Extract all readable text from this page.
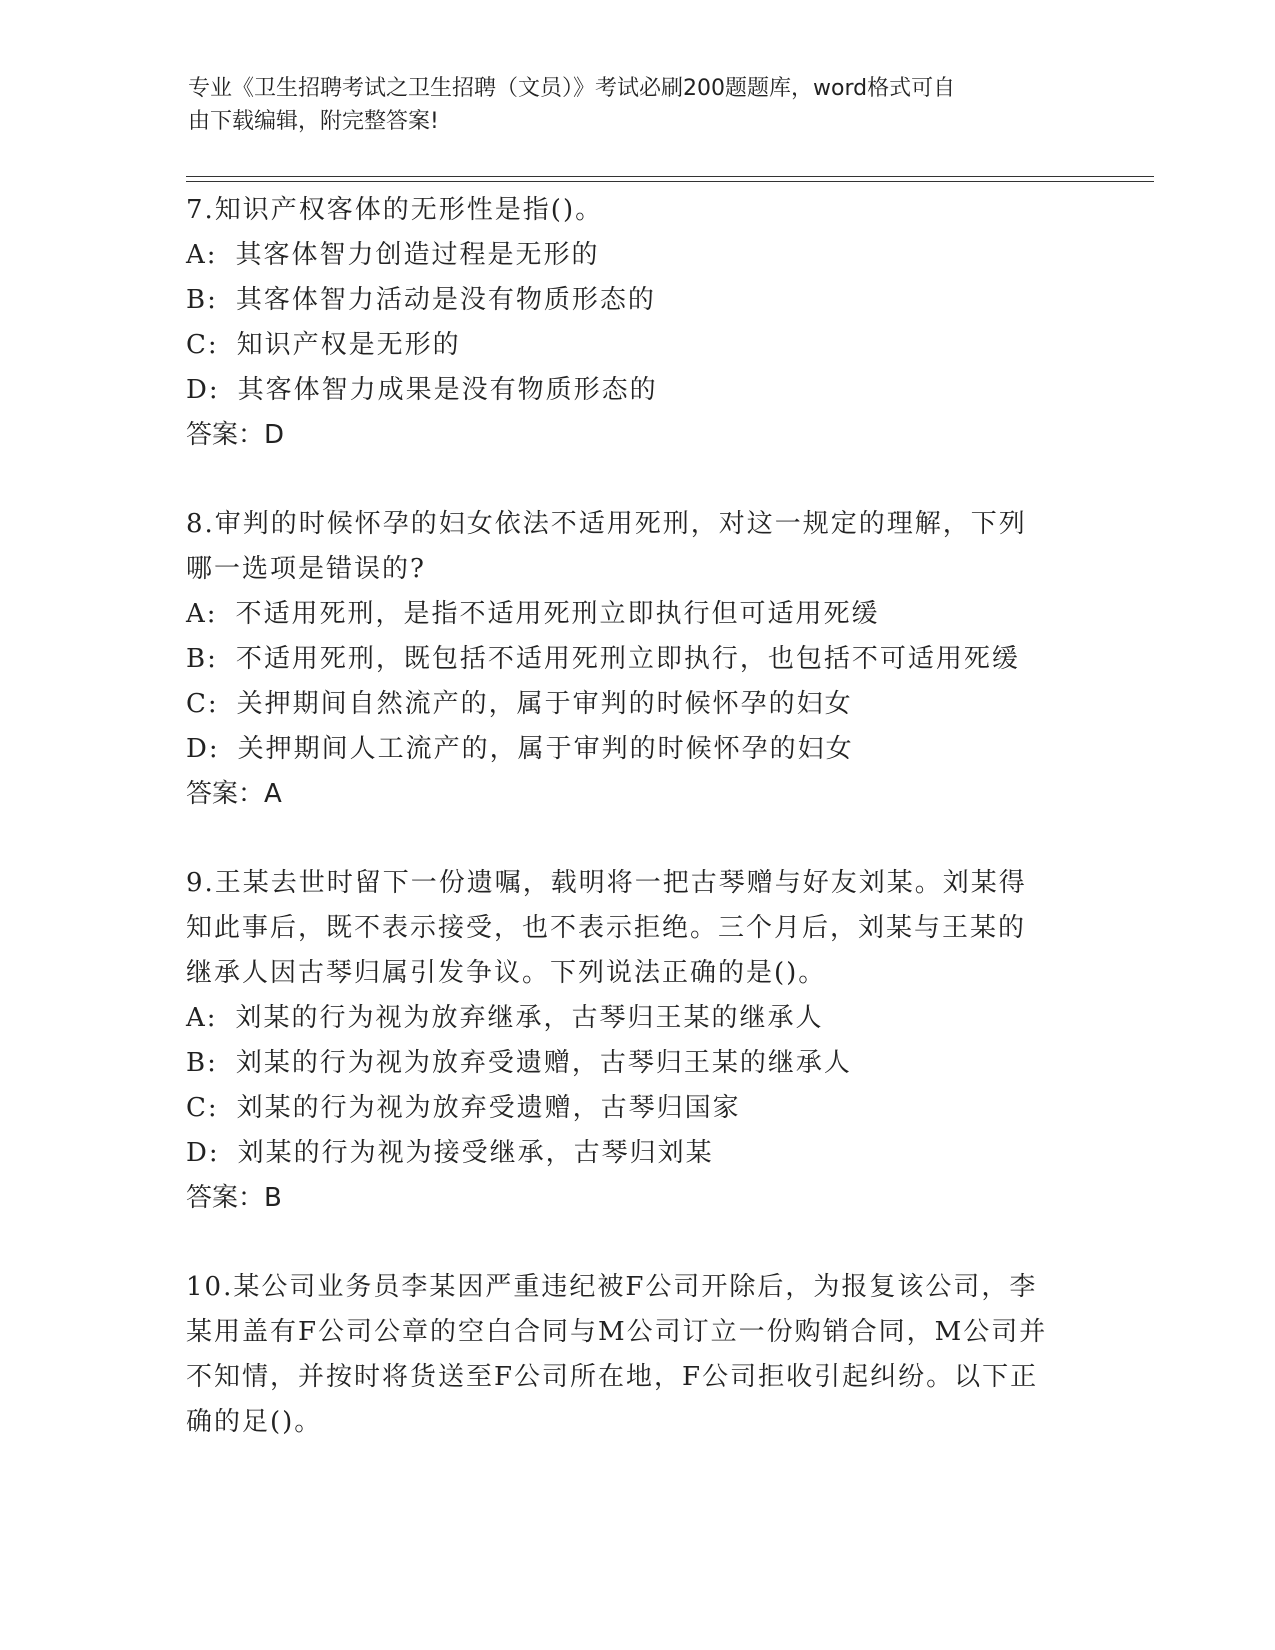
专业《卫生招聘考试之卫生招聘（文员）》考试必刷200题题库，word格式可自
由下载编辑，附完整答案!

7.知识产权客体的无形性是指()。

A: 其客体智力创造过程是无形的

B: 其客体智力活动是没有物质形态的

C: 知识产权是无形的

D: 其客体智力成果是没有物质形态的

答案：D

8.审判的时候怀孕的妇女依法不适用死刑，对这一规定的理解，下列

哪一选项是错误的?

A: 不适用死刑，是指不适用死刑立即执行但可适用死缓

B: 不适用死刑，既包括不适用死刑立即执行，也包括不可适用死缓

C: 关押期间自然流产的，属于审判的时候怀孕的妇女

D: 关押期间人工流产的，属于审判的时候怀孕的妇女

答案：A

9.王某去世时留下一份遗嘱，载明将一把古琴赠与好友刘某。刘某得

知此事后，既不表示接受，也不表示拒绝。三个月后，刘某与王某的

继承人因古琴归属引发争议。下列说法正确的是()。

A: 刘某的行为视为放弃继承，古琴归王某的继承人

B: 刘某的行为视为放弃受遗赠，古琴归王某的继承人

C: 刘某的行为视为放弃受遗赠，古琴归国家

D: 刘某的行为视为接受继承，古琴归刘某

答案：B

10.某公司业务员李某因严重违纪被F公司开除后，为报复该公司，李

某用盖有F公司公章的空白合同与M公司订立一份购销合同，M公司并

不知情，并按时将货送至F公司所在地，F公司拒收引起纠纷。以下正

确的足()。
